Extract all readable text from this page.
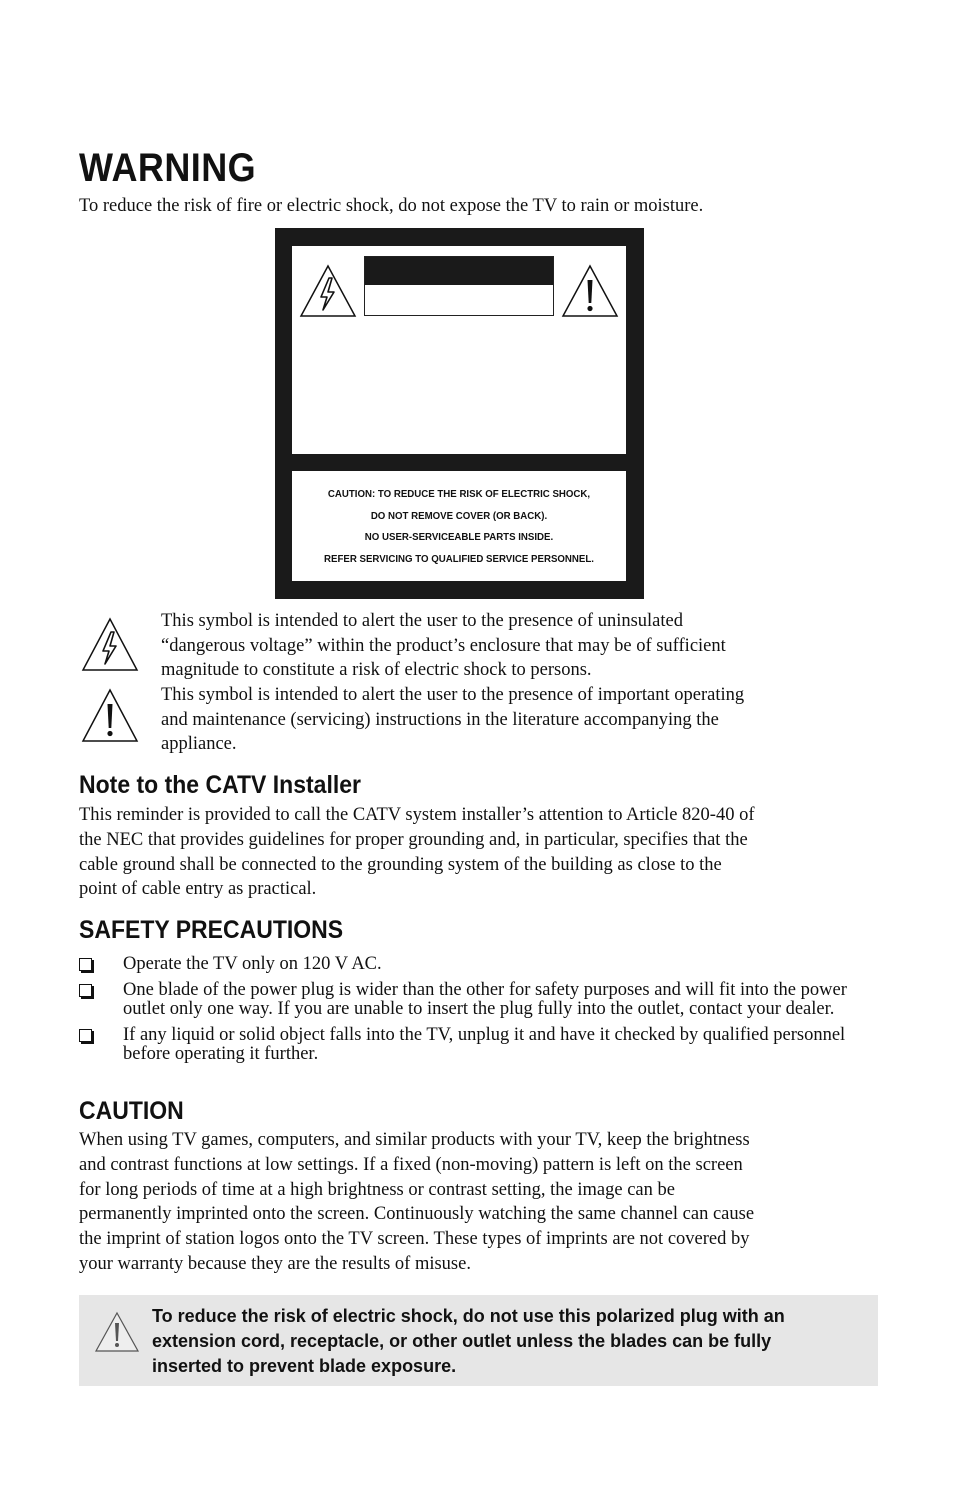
WARNING
To reduce the risk of fire or electric shock, do not expose the TV to rain or moisture.
CAUTION: TO REDUCE THE RISK OF ELECTRIC SHOCK,
DO NOT REMOVE COVER (OR BACK).
NO USER-SERVICEABLE PARTS INSIDE.
REFER SERVICING TO QUALIFIED SERVICE PERSONNEL.
This symbol is intended to alert the user to the presence of uninsulated
“dangerous voltage” within the product’s enclosure that may be of sufficient
magnitude to constitute a risk of electric shock to persons.
This symbol is intended to alert the user to the presence of important operating
and maintenance (servicing) instructions in the literature accompanying the
appliance.
Note to the CATV Installer
This reminder is provided to call the CATV system installer’s attention to Article 820-40 of
the NEC that provides guidelines for proper grounding and, in particular, specifies that the
cable ground shall be connected to the grounding system of the building as close to the
point of cable entry as practical.
SAFETY PRECAUTIONS
Operate the TV only on 120 V AC.
One blade of the power plug is wider than the other for safety purposes and will fit into the power outlet only one way. If you are unable to insert the plug fully into the outlet, contact your dealer.
If any liquid or solid object falls into the TV, unplug it and have it checked by qualified personnel before operating it further.
CAUTION
When using TV games, computers, and similar products with your TV, keep the brightness
and contrast functions at low settings. If a fixed (non-moving) pattern is left on the screen
for long periods of time at a high brightness or contrast setting, the image can be
permanently imprinted onto the screen. Continuously watching the same channel can cause
the imprint of station logos onto the TV screen. These types of imprints are not covered by
your warranty because they are the results of misuse.
To reduce the risk of electric shock, do not use this polarized plug with an
extension cord, receptacle, or other outlet unless the blades can be fully
inserted to prevent blade exposure.
